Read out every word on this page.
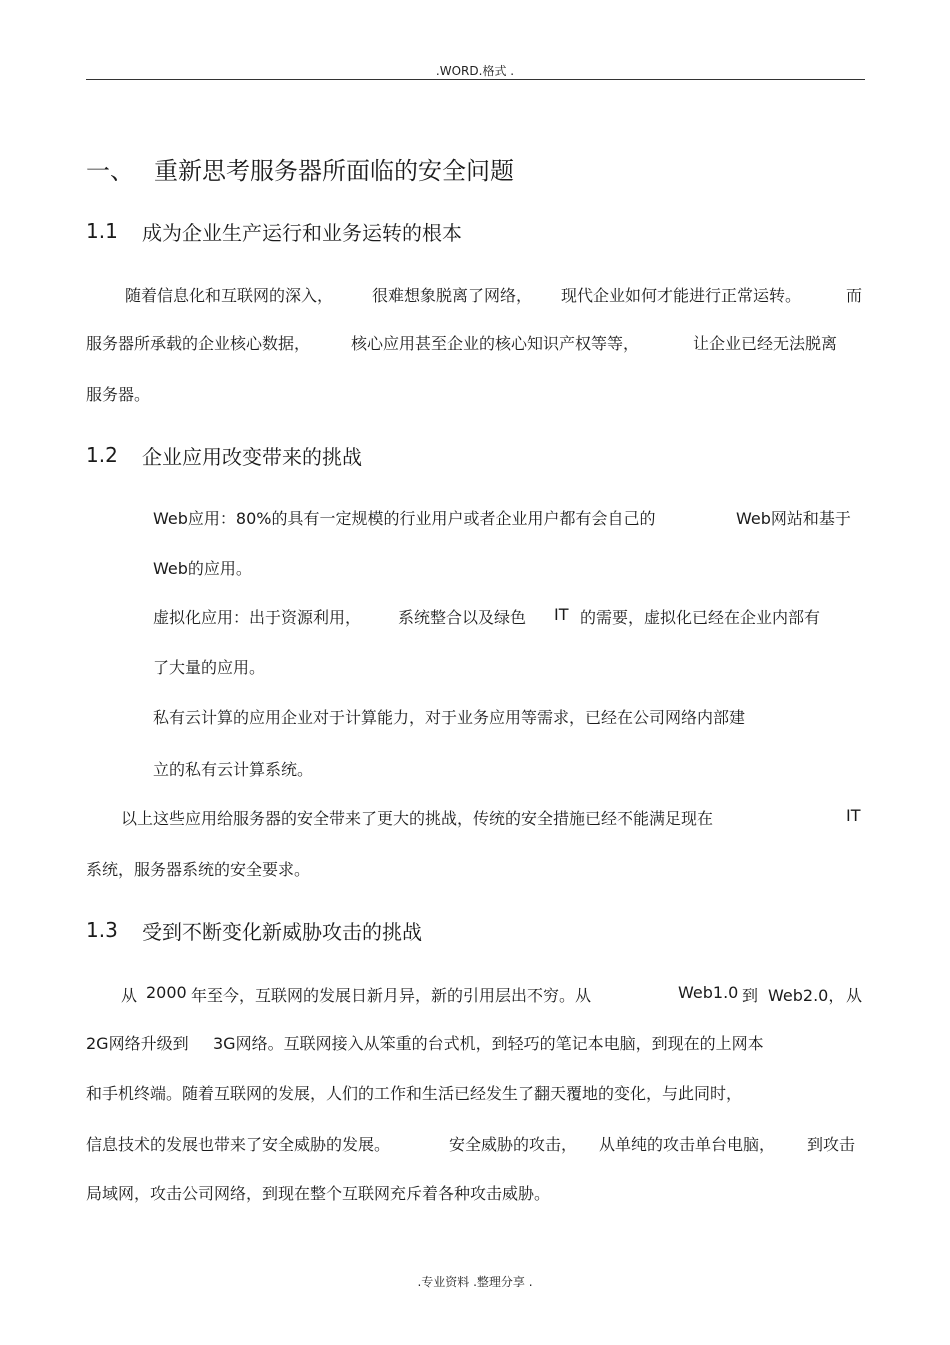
.WORD.格式 .
一、 重新思考服务器所面临的安全问题
1.1 成为企业生产运行和业务运转的根本
随着信息化和互联网的深入， 很难想象脱离了网络， 现代企业如何才能进行正常运转。	而
服务器所承载的企业核心数据，	核心应用甚至企业的核心知识产权等等，	让企业已经无法脱离
服务器。
1.2 企业应用改变带来的挑战
Web应用：80%的具有一定规模的行业用户或者企业用户都有会自己的	Web网站和基于
Web的应用。
虚拟化应用：出于资源利用， 系统整合以及绿色 IT 的需要，虚拟化已经在企业内部有
了大量的应用。
私有云计算的应用企业对于计算能力，对于业务应用等需求，已经在公司网络内部建
立的私有云计算系统。
以上这些应用给服务器的安全带来了更大的挑战，传统的安全措施已经不能满足现在	IT
系统，服务器系统的安全要求。
1.3 受到不断变化新威胁攻击的挑战
从 2000 年至今，互联网的发展日新月异，新的引用层出不穷。从	Web1.0 到 Web2.0， 从
2G网络升级到 3G网络。互联网接入从笨重的台式机，到轻巧的笔记本电脑，到现在的上网本
和手机终端。随着互联网的发展，人们的工作和生活已经发生了翻天覆地的变化，与此同时，
信息技术的发展也带来了安全威胁的发展。	安全威胁的攻击， 从单纯的攻击单台电脑， 到攻击
局域网，攻击公司网络，到现在整个互联网充斥着各种攻击威胁。
.专业资料 .整理分享 .
